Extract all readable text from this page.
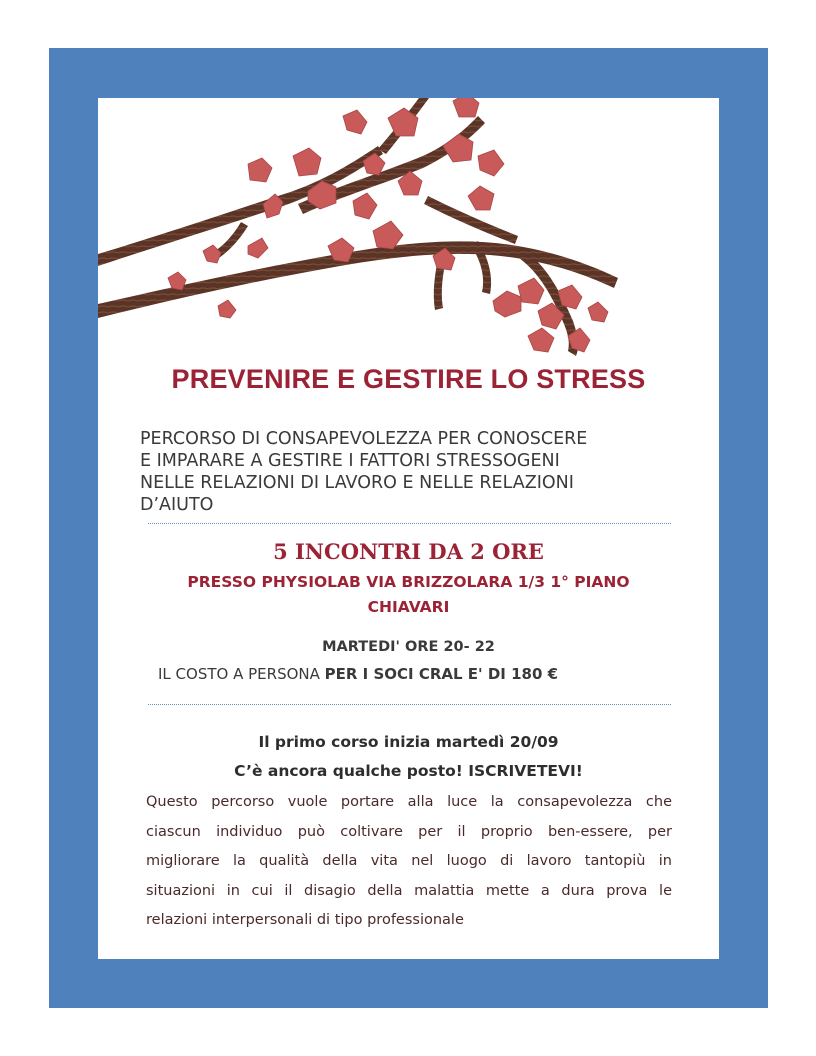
PREVENIRE E GESTIRE LO STRESS
PERCORSO DI CONSAPEVOLEZZA PER CONOSCERE
E IMPARARE A GESTIRE I FATTORI STRESSOGENI
NELLE RELAZIONI DI LAVORO E NELLE RELAZIONI
D’AIUTO
5 INCONTRI DA 2 ORE
PRESSO PHYSIOLAB VIA BRIZZOLARA 1/3 1° PIANO
CHIAVARI
MARTEDI' ORE 20- 22
IL COSTO A PERSONA PER I SOCI CRAL E' DI 180 €
Il primo corso inizia martedì 20/09
C’è ancora qualche posto! ISCRIVETEVI!
Questo percorso vuole portare alla luce la consapevolezza che
ciascun individuo può coltivare per il proprio ben-essere, per
migliorare la qualità della vita nel luogo di lavoro tantopiù in
situazioni in cui il disagio della malattia mette a dura prova le
relazioni interpersonali di tipo professionale
